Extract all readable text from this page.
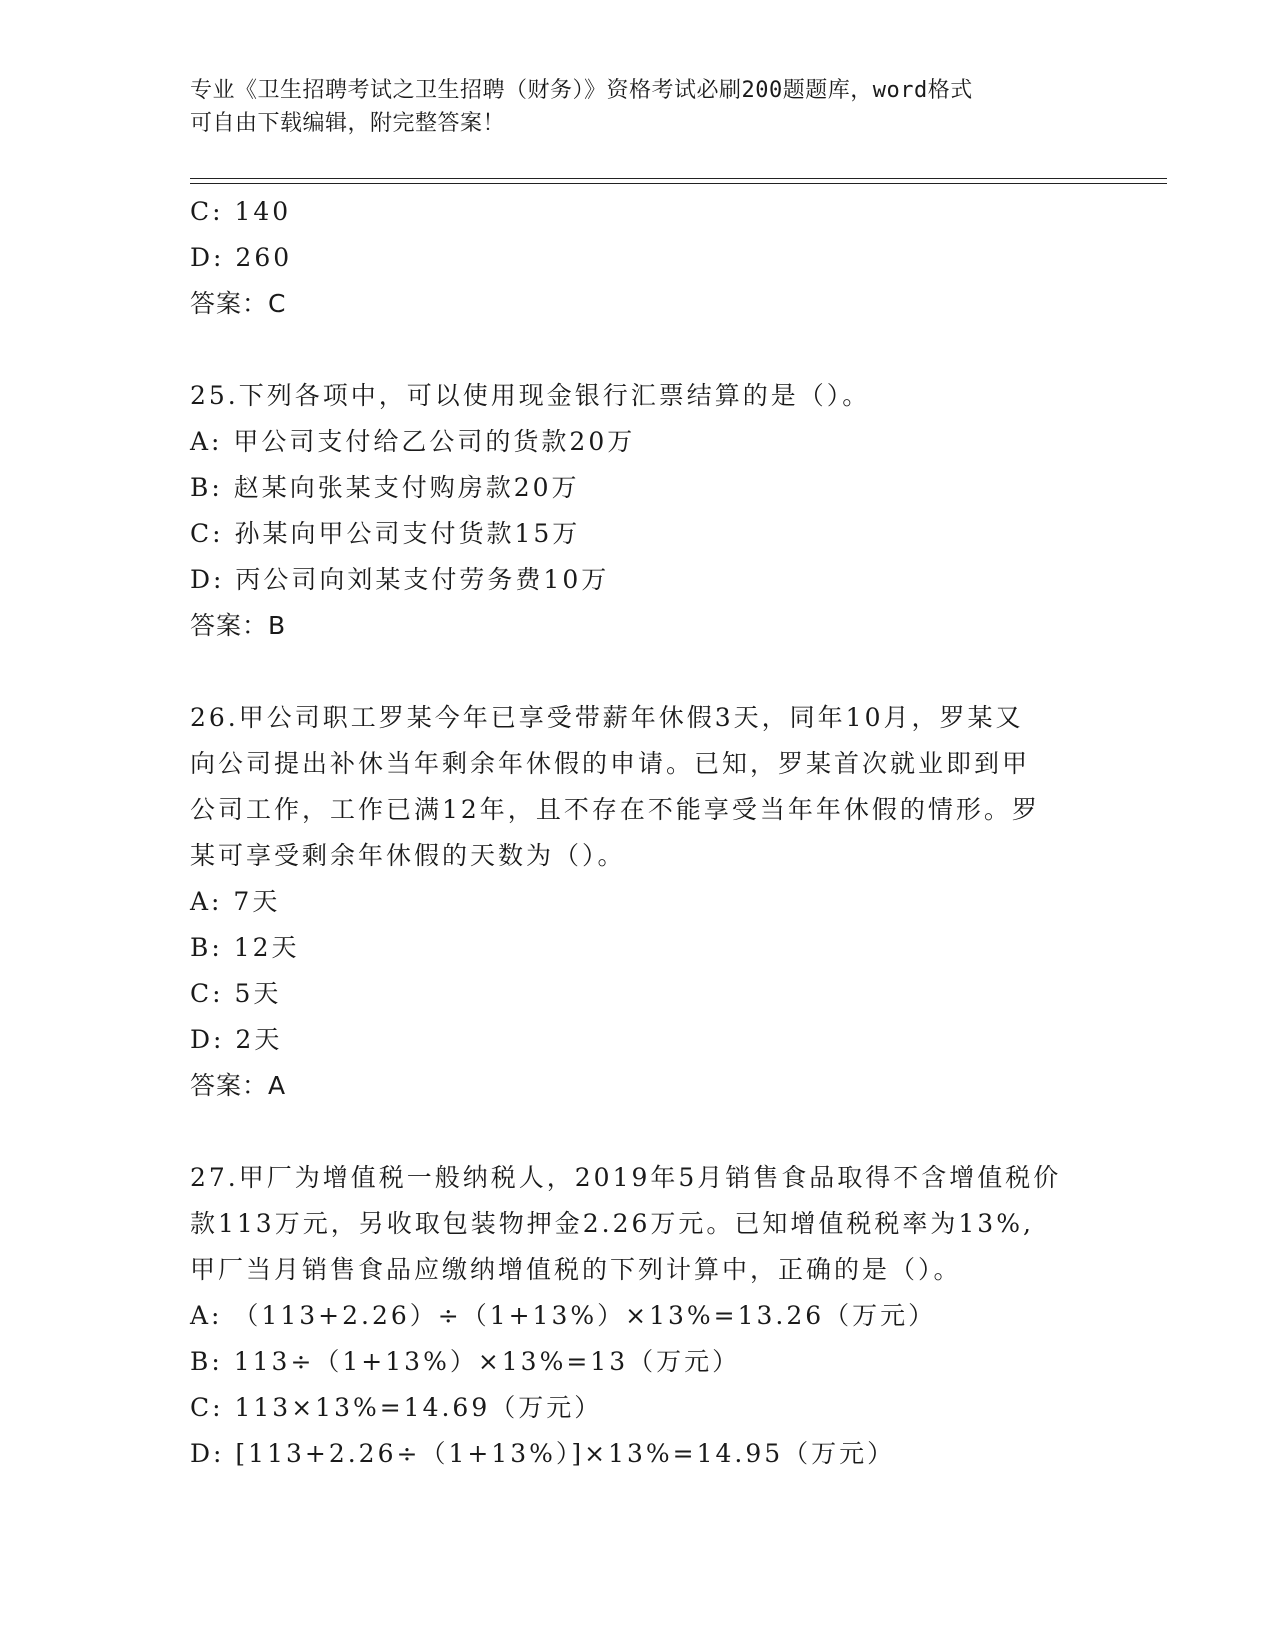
专业《卫生招聘考试之卫生招聘（财务）》资格考试必刷200题题库，word格式
可自由下载编辑，附完整答案！
C: 140
D: 260
答案：C
25.下列各项中，可以使用现金银行汇票结算的是（）。
A: 甲公司支付给乙公司的货款20万
B: 赵某向张某支付购房款20万
C: 孙某向甲公司支付货款15万
D: 丙公司向刘某支付劳务费10万
答案：B
26.甲公司职工罗某今年已享受带薪年休假3天，同年10月，罗某又
向公司提出补休当年剩余年休假的申请。已知，罗某首次就业即到甲
公司工作，工作已满12年，且不存在不能享受当年年休假的情形。罗
某可享受剩余年休假的天数为（）。
A: 7天
B: 12天
C: 5天
D: 2天
答案：A
27.甲厂为增值税一般纳税人，2019年5月销售食品取得不含增值税价
款113万元，另收取包装物押金2.26万元。已知增值税税率为13%,
甲厂当月销售食品应缴纳增值税的下列计算中，正确的是（）。
A: （113+2.26）÷（1+13%）×13%=13.26（万元）
B: 113÷（1+13%）×13%=13（万元）
C: 113×13%=14.69（万元）
D: [113+2.26÷（1+13%）]×13%=14.95（万元）
